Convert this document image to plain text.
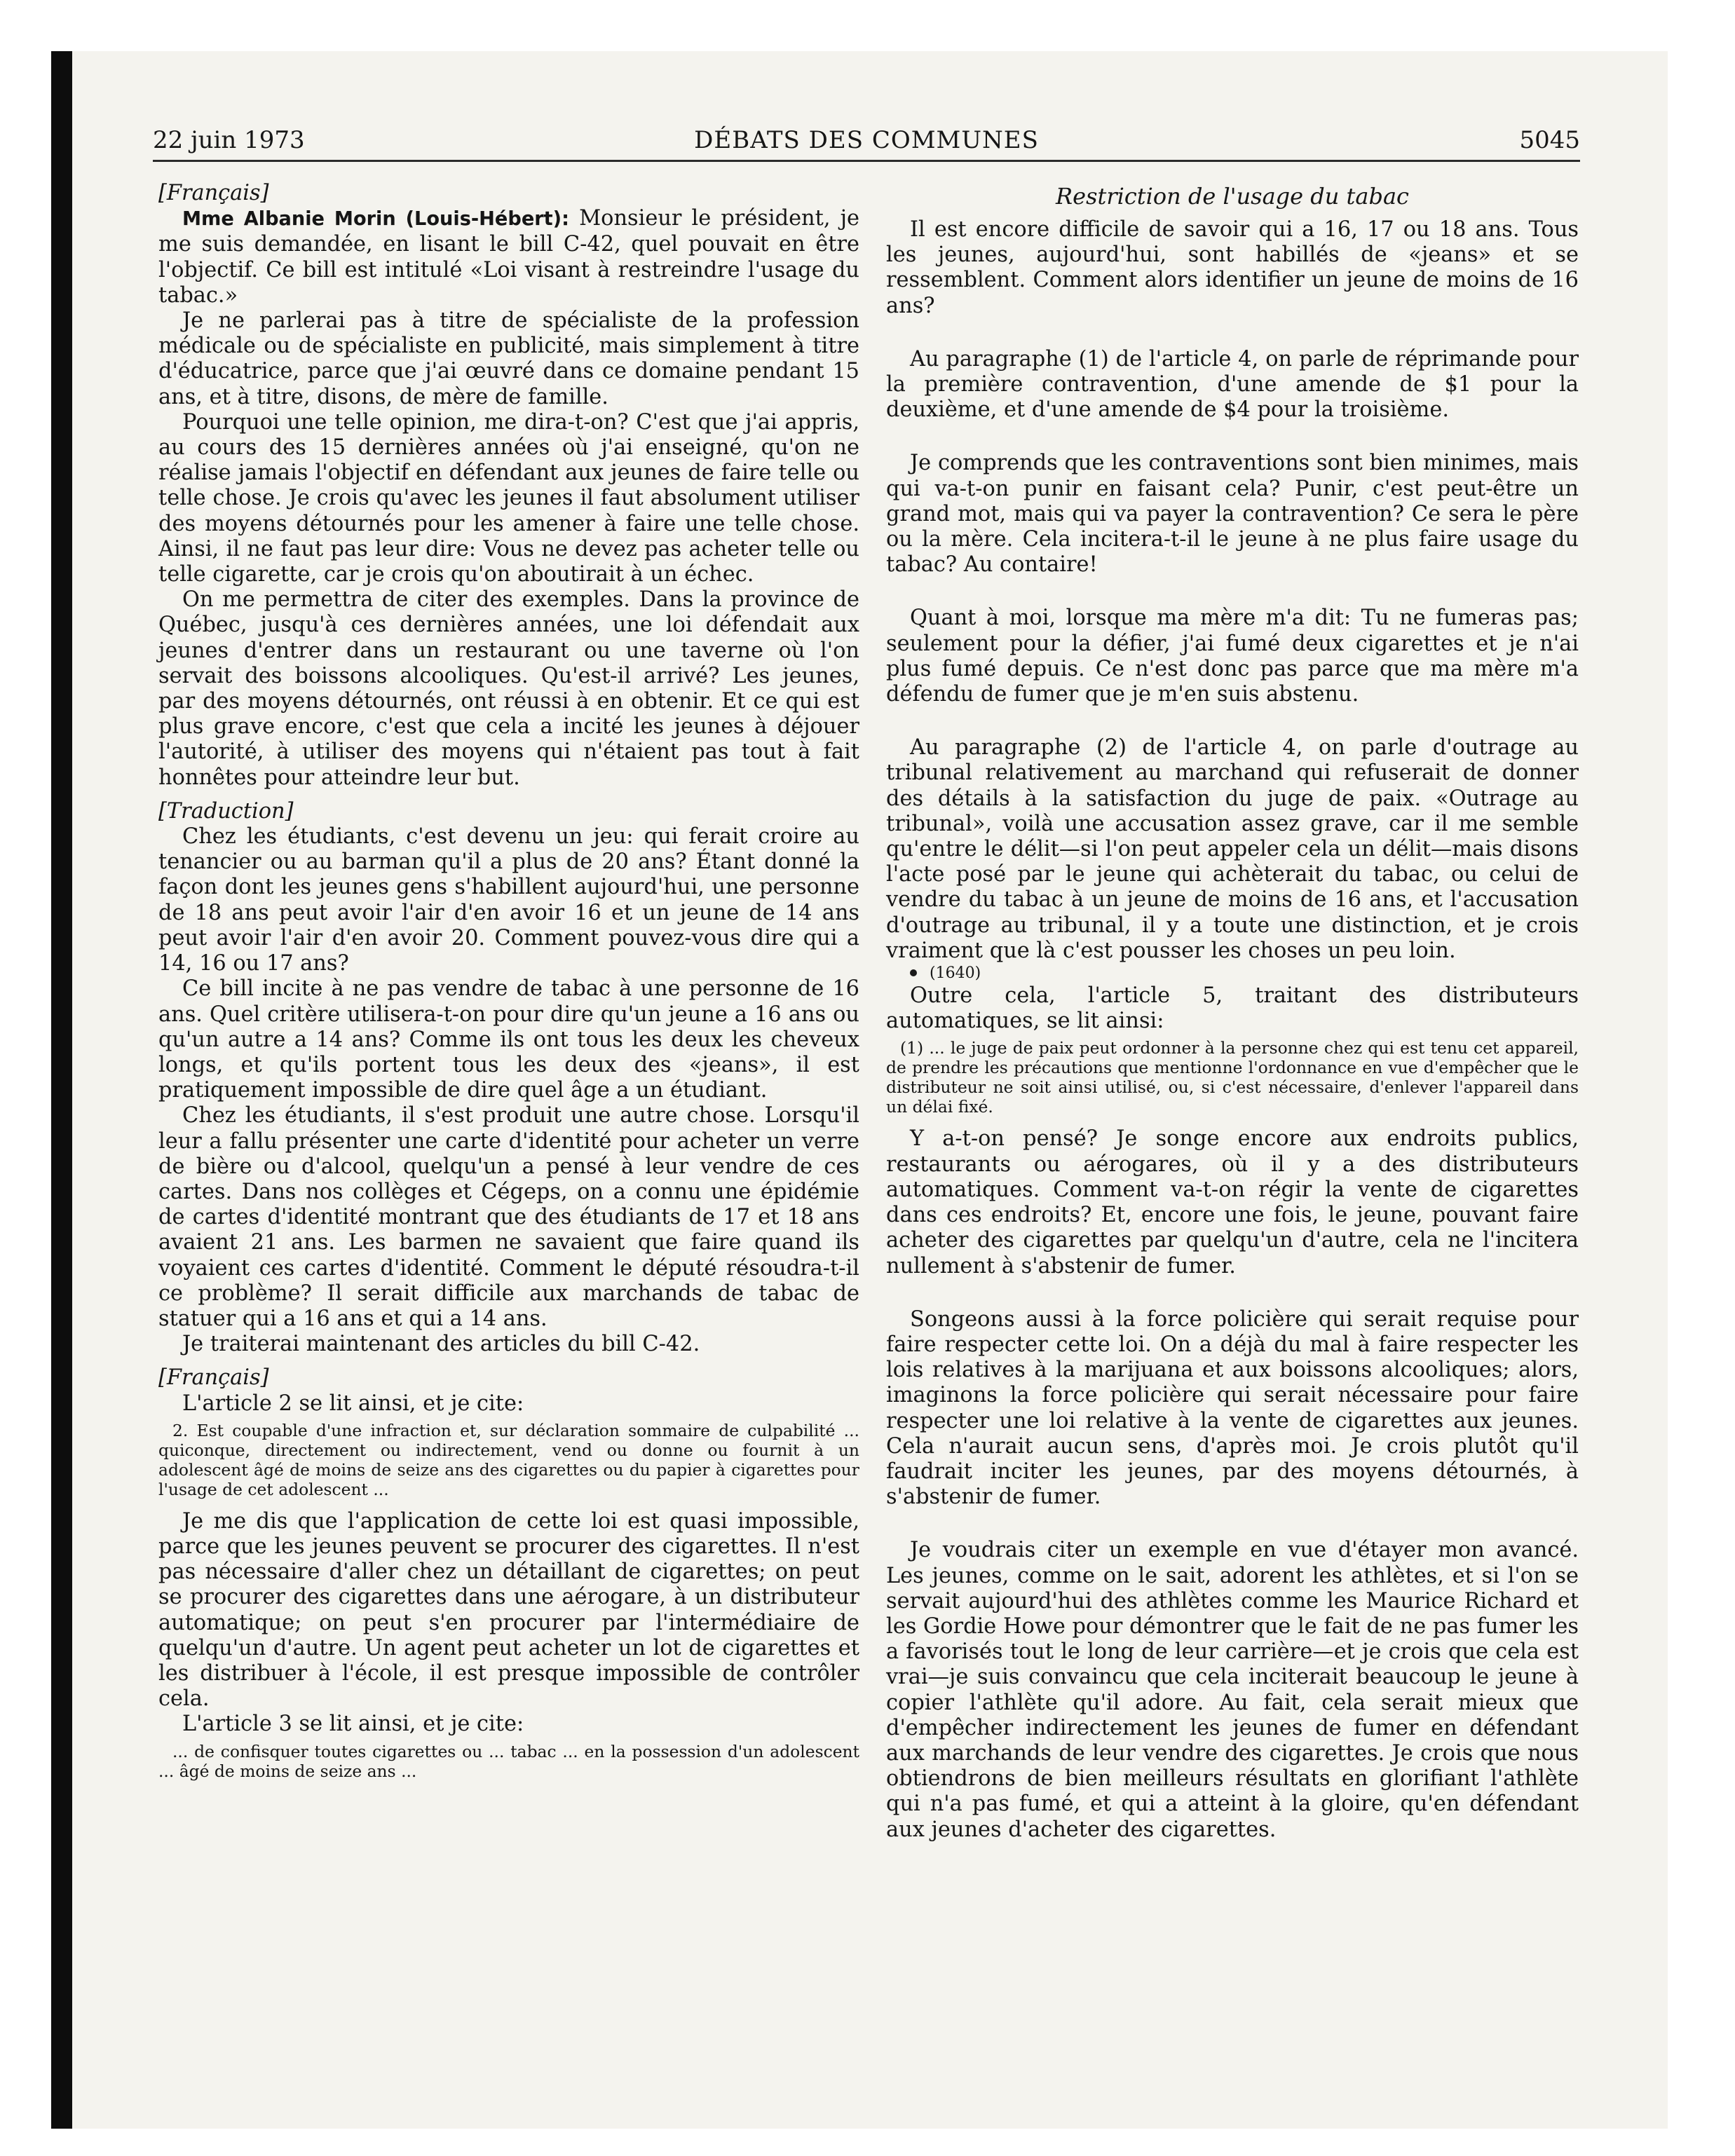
22 juin 1973	DÉBATS DES COMMUNES	5045

[Français]

Mme Albanie Morin (Louis-Hébert): Monsieur le président, je me suis demandée, en lisant le bill C-42, quel pouvait en être l'objectif. Ce bill est intitulé «Loi visant à restreindre l'usage du tabac.»

Je ne parlerai pas à titre de spécialiste de la profession médicale ou de spécialiste en publicité, mais simplement à titre d'éducatrice, parce que j'ai œuvré dans ce domaine pendant 15 ans, et à titre, disons, de mère de famille.

Pourquoi une telle opinion, me dira-t-on? C'est que j'ai appris, au cours des 15 dernières années où j'ai enseigné, qu'on ne réalise jamais l'objectif en défendant aux jeunes de faire telle ou telle chose. Je crois qu'avec les jeunes il faut absolument utiliser des moyens détournés pour les amener à faire une telle chose. Ainsi, il ne faut pas leur dire: Vous ne devez pas acheter telle ou telle cigarette, car je crois qu'on aboutirait à un échec.

On me permettra de citer des exemples. Dans la province de Québec, jusqu'à ces dernières années, une loi défendait aux jeunes d'entrer dans un restaurant ou une taverne où l'on servait des boissons alcooliques. Qu'est-il arrivé? Les jeunes, par des moyens détournés, ont réussi à en obtenir. Et ce qui est plus grave encore, c'est que cela a incité les jeunes à déjouer l'autorité, à utiliser des moyens qui n'étaient pas tout à fait honnêtes pour atteindre leur but.

[Traduction]

Chez les étudiants, c'est devenu un jeu: qui ferait croire au tenancier ou au barman qu'il a plus de 20 ans? Étant donné la façon dont les jeunes gens s'habillent aujourd'hui, une personne de 18 ans peut avoir l'air d'en avoir 16 et un jeune de 14 ans peut avoir l'air d'en avoir 20. Comment pouvez-vous dire qui a 14, 16 ou 17 ans?

Ce bill incite à ne pas vendre de tabac à une personne de 16 ans. Quel critère utilisera-t-on pour dire qu'un jeune a 16 ans ou qu'un autre a 14 ans? Comme ils ont tous les deux les cheveux longs, et qu'ils portent tous les deux des «jeans», il est pratiquement impossible de dire quel âge a un étudiant.

Chez les étudiants, il s'est produit une autre chose. Lorsqu'il leur a fallu présenter une carte d'identité pour acheter un verre de bière ou d'alcool, quelqu'un a pensé à leur vendre de ces cartes. Dans nos collèges et Cégeps, on a connu une épidémie de cartes d'identité montrant que des étudiants de 17 et 18 ans avaient 21 ans. Les barmen ne savaient que faire quand ils voyaient ces cartes d'identité. Comment le député résoudra-t-il ce problème? Il serait difficile aux marchands de tabac de statuer qui a 16 ans et qui a 14 ans.

Je traiterai maintenant des articles du bill C-42.

[Français]

L'article 2 se lit ainsi, et je cite:

2. Est coupable d'une infraction et, sur déclaration sommaire de culpabilité ... quiconque, directement ou indirectement, vend ou donne ou fournit à un adolescent âgé de moins de seize ans des cigarettes ou du papier à cigarettes pour l'usage de cet adolescent ...

Je me dis que l'application de cette loi est quasi impossible, parce que les jeunes peuvent se procurer des cigarettes. Il n'est pas nécessaire d'aller chez un détaillant de cigarettes; on peut se procurer des cigarettes dans une aérogare, à un distributeur automatique; on peut s'en procurer par l'intermédiaire de quelqu'un d'autre. Un agent peut acheter un lot de cigarettes et les distribuer à l'école, il est presque impossible de contrôler cela.

L'article 3 se lit ainsi, et je cite:

... de confisquer toutes cigarettes ou ... tabac ... en la possession d'un adolescent ... âgé de moins de seize ans ...

Restriction de l'usage du tabac

Il est encore difficile de savoir qui a 16, 17 ou 18 ans. Tous les jeunes, aujourd'hui, sont habillés de «jeans» et se ressemblent. Comment alors identifier un jeune de moins de 16 ans?

Au paragraphe (1) de l'article 4, on parle de réprimande pour la première contravention, d'une amende de $1 pour la deuxième, et d'une amende de $4 pour la troisième.

Je comprends que les contraventions sont bien minimes, mais qui va-t-on punir en faisant cela? Punir, c'est peut-être un grand mot, mais qui va payer la contravention? Ce sera le père ou la mère. Cela incitera-t-il le jeune à ne plus faire usage du tabac? Au contaire!

Quant à moi, lorsque ma mère m'a dit: Tu ne fumeras pas; seulement pour la défier, j'ai fumé deux cigarettes et je n'ai plus fumé depuis. Ce n'est donc pas parce que ma mère m'a défendu de fumer que je m'en suis abstenu.

Au paragraphe (2) de l'article 4, on parle d'outrage au tribunal relativement au marchand qui refuserait de donner des détails à la satisfaction du juge de paix. «Outrage au tribunal», voilà une accusation assez grave, car il me semble qu'entre le délit—si l'on peut appeler cela un délit—mais disons l'acte posé par le jeune qui achèterait du tabac, ou celui de vendre du tabac à un jeune de moins de 16 ans, et l'accusation d'outrage au tribunal, il y a toute une distinction, et je crois vraiment que là c'est pousser les choses un peu loin.

(1640)

Outre cela, l'article 5, traitant des distributeurs automatiques, se lit ainsi:

(1) ... le juge de paix peut ordonner à la personne chez qui est tenu cet appareil, de prendre les précautions que mentionne l'ordonnance en vue d'empêcher que le distributeur ne soit ainsi utilisé, ou, si c'est nécessaire, d'enlever l'appareil dans un délai fixé.

Y a-t-on pensé? Je songe encore aux endroits publics, restaurants ou aérogares, où il y a des distributeurs automatiques. Comment va-t-on régir la vente de cigarettes dans ces endroits? Et, encore une fois, le jeune, pouvant faire acheter des cigarettes par quelqu'un d'autre, cela ne l'incitera nullement à s'abstenir de fumer.

Songeons aussi à la force policière qui serait requise pour faire respecter cette loi. On a déjà du mal à faire respecter les lois relatives à la marijuana et aux boissons alcooliques; alors, imaginons la force policière qui serait nécessaire pour faire respecter une loi relative à la vente de cigarettes aux jeunes. Cela n'aurait aucun sens, d'après moi. Je crois plutôt qu'il faudrait inciter les jeunes, par des moyens détournés, à s'abstenir de fumer.

Je voudrais citer un exemple en vue d'étayer mon avancé. Les jeunes, comme on le sait, adorent les athlètes, et si l'on se servait aujourd'hui des athlètes comme les Maurice Richard et les Gordie Howe pour démontrer que le fait de ne pas fumer les a favorisés tout le long de leur carrière—et je crois que cela est vrai—je suis convaincu que cela inciterait beaucoup le jeune à copier l'athlète qu'il adore. Au fait, cela serait mieux que d'empêcher indirectement les jeunes de fumer en défendant aux marchands de leur vendre des cigarettes. Je crois que nous obtiendrons de bien meilleurs résultats en glorifiant l'athlète qui n'a pas fumé, et qui a atteint à la gloire, qu'en défendant aux jeunes d'acheter des cigarettes.
